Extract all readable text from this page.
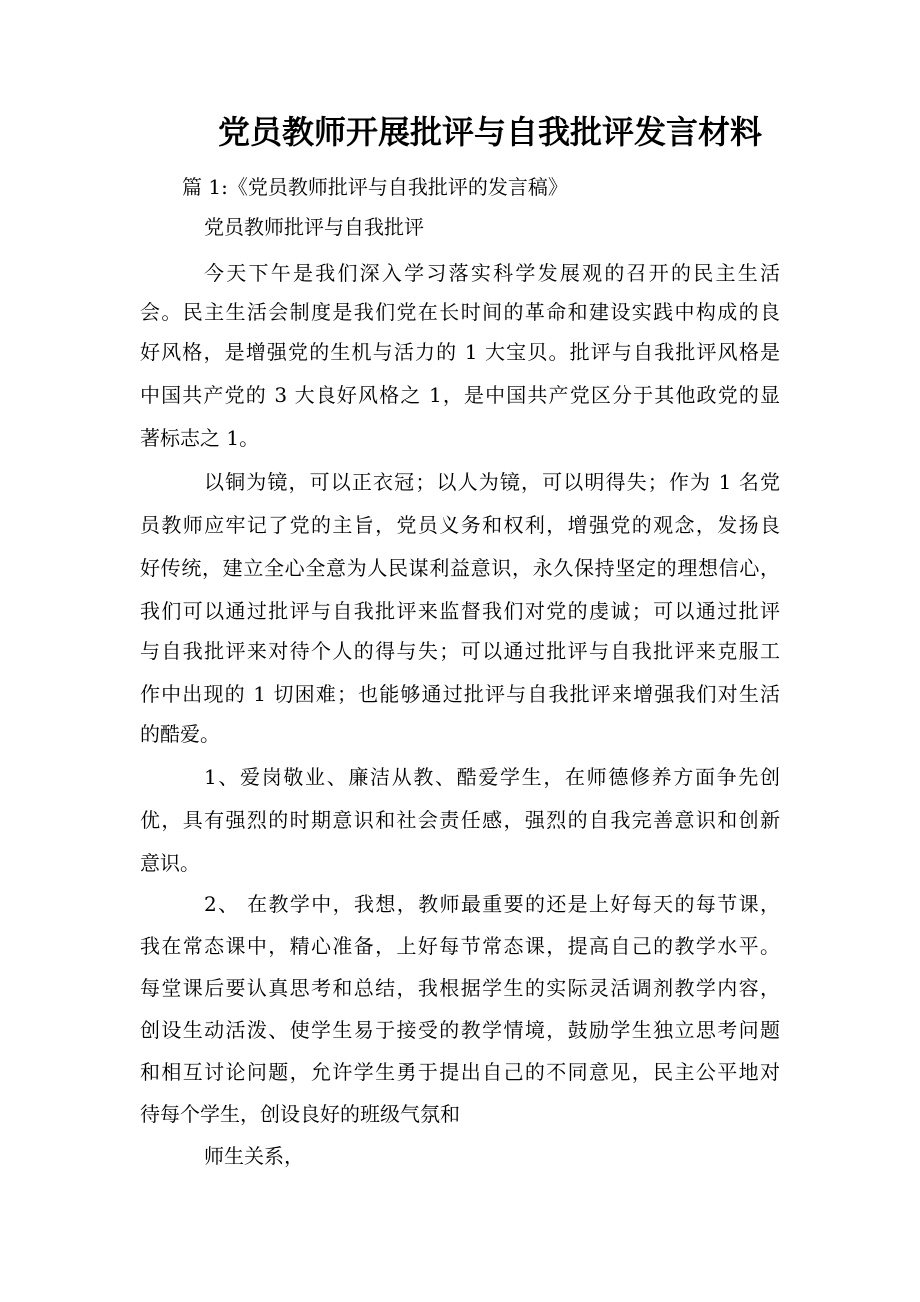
党员教师开展批评与自我批评发言材料
篇 1:《党员教师批评与自我批评的发言稿》
党员教师批评与自我批评
今天下午是我们深入学习落实科学发展观的召开的民主生活
会。民主生活会制度是我们党在长时间的革命和建设实践中构成的良
好风格，是增强党的生机与活力的 1 大宝贝。批评与自我批评风格是
中国共产党的 3 大良好风格之 1，是中国共产党区分于其他政党的显
著标志之 1。
以铜为镜，可以正衣冠；以人为镜，可以明得失；作为 1 名党
员教师应牢记了党的主旨，党员义务和权利，增强党的观念，发扬良
好传统，建立全心全意为人民谋利益意识，永久保持坚定的理想信心，
我们可以通过批评与自我批评来监督我们对党的虔诚；可以通过批评
与自我批评来对待个人的得与失；可以通过批评与自我批评来克服工
作中出现的 1 切困难；也能够通过批评与自我批评来增强我们对生活
的酷爱。
1、爱岗敬业、廉洁从教、酷爱学生，在师德修养方面争先创
优，具有强烈的时期意识和社会责任感，强烈的自我完善意识和创新
意识。
2、 在教学中，我想，教师最重要的还是上好每天的每节课，
我在常态课中，精心准备，上好每节常态课，提高自己的教学水平。
每堂课后要认真思考和总结，我根据学生的实际灵活调剂教学内容，
创设生动活泼、使学生易于接受的教学情境，鼓励学生独立思考问题
和相互讨论问题，允许学生勇于提出自己的不同意见，民主公平地对
待每个学生，创设良好的班级气氛和
师生关系，
